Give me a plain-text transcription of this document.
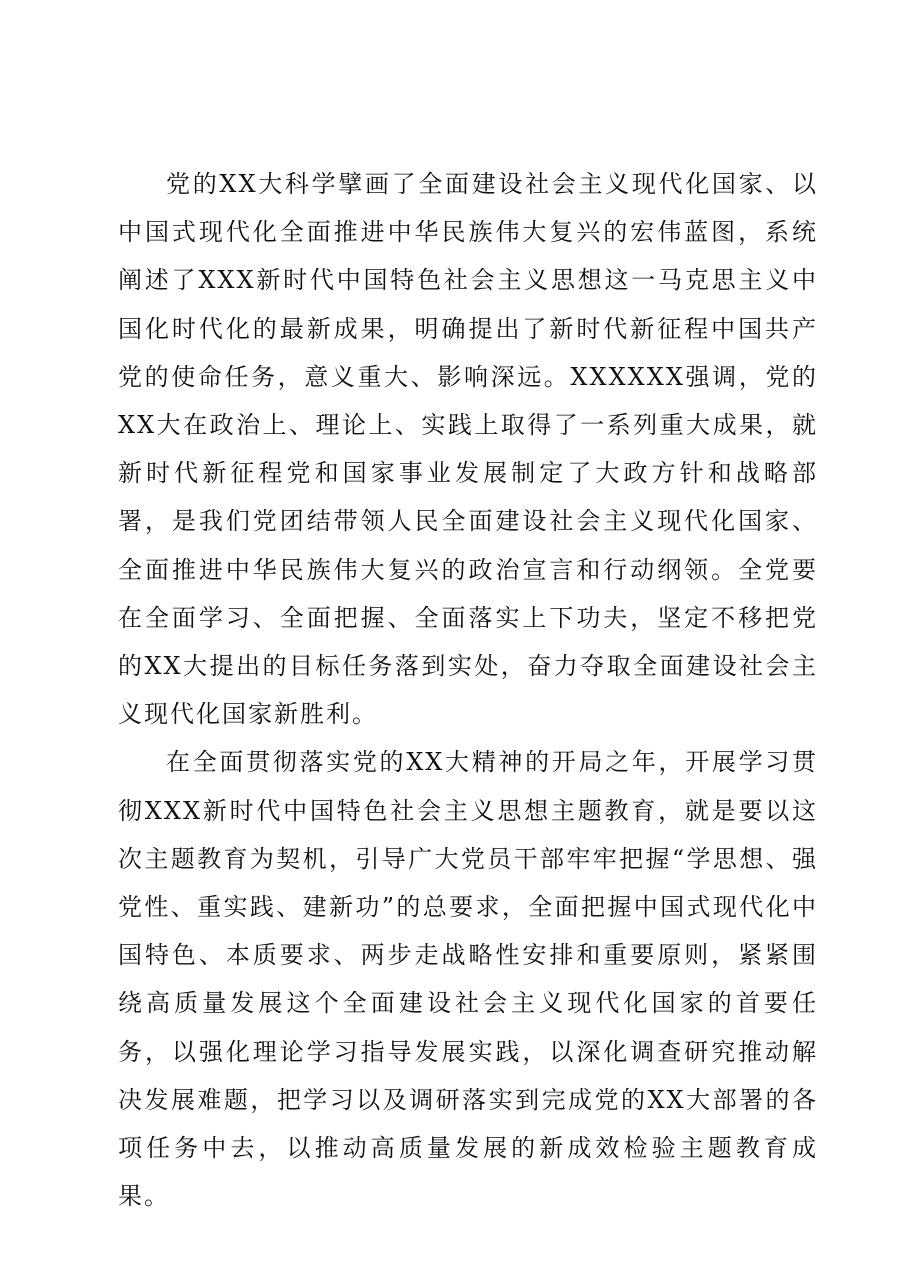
党的XX大科学擘画了全面建设社会主义现代化国家、以中国式现代化全面推进中华民族伟大复兴的宏伟蓝图，系统阐述了XXX新时代中国特色社会主义思想这一马克思主义中国化时代化的最新成果，明确提出了新时代新征程中国共产党的使命任务，意义重大、影响深远。XXXXXX强调，党的XX大在政治上、理论上、实践上取得了一系列重大成果，就新时代新征程党和国家事业发展制定了大政方针和战略部署，是我们党团结带领人民全面建设社会主义现代化国家、全面推进中华民族伟大复兴的政治宣言和行动纲领。全党要在全面学习、全面把握、全面落实上下功夫，坚定不移把党的XX大提出的目标任务落到实处，奋力夺取全面建设社会主义现代化国家新胜利。

在全面贯彻落实党的XX大精神的开局之年，开展学习贯彻XXX新时代中国特色社会主义思想主题教育，就是要以这次主题教育为契机，引导广大党员干部牢牢把握“学思想、强党性、重实践、建新功”的总要求，全面把握中国式现代化中国特色、本质要求、两步走战略性安排和重要原则，紧紧围绕高质量发展这个全面建设社会主义现代化国家的首要任务，以强化理论学习指导发展实践，以深化调查研究推动解决发展难题，把学习以及调研落实到完成党的XX大部署的各项任务中去，以推动高质量发展的新成效检验主题教育成果。
